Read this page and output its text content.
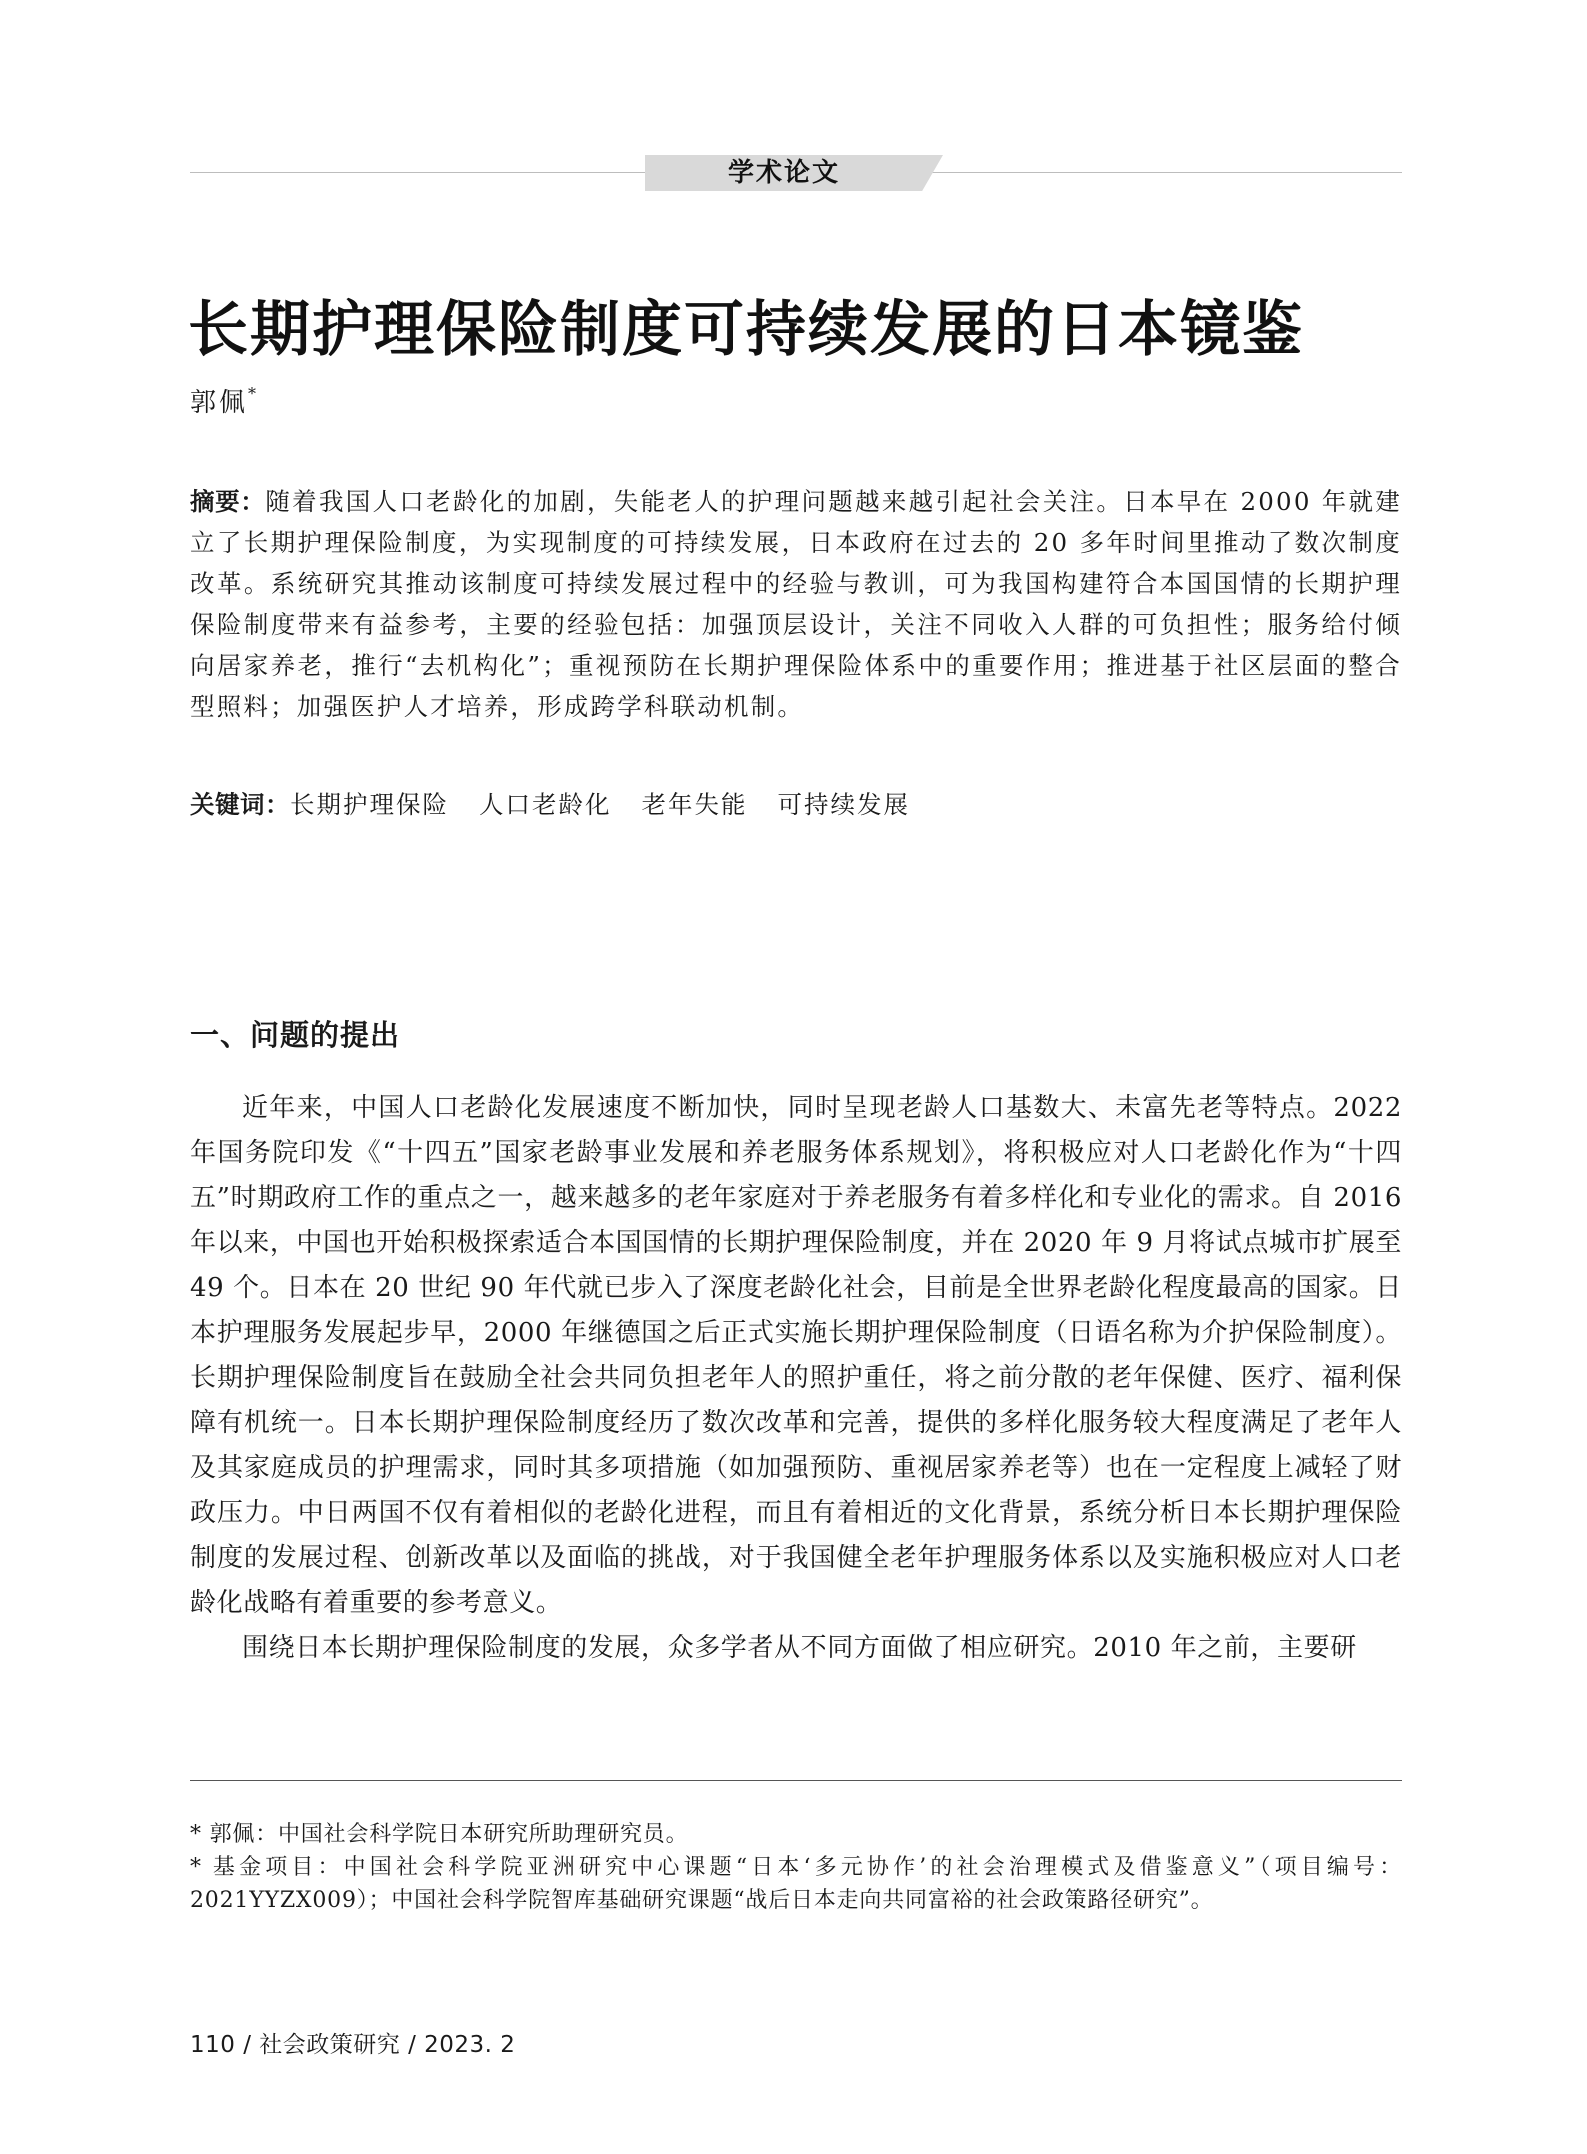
学术论文
长期护理保险制度可持续发展的日本镜鉴
郭佩*
摘要：随着我国人口老龄化的加剧，失能老人的护理问题越来越引起社会关注。日本早在 2000 年就建立了长期护理保险制度，为实现制度的可持续发展，日本政府在过去的 20 多年时间里推动了数次制度改革。系统研究其推动该制度可持续发展过程中的经验与教训，可为我国构建符合本国国情的长期护理保险制度带来有益参考，主要的经验包括：加强顶层设计，关注不同收入人群的可负担性；服务给付倾向居家养老，推行“去机构化”；重视预防在长期护理保险体系中的重要作用；推进基于社区层面的整合型照料；加强医护人才培养，形成跨学科联动机制。
关键词：长期护理保险 人口老龄化 老年失能 可持续发展
一、问题的提出

近年来，中国人口老龄化发展速度不断加快，同时呈现老龄人口基数大、未富先老等特点。2022 年国务院印发《“十四五”国家老龄事业发展和养老服务体系规划》，将积极应对人口老龄化作为“十四五”时期政府工作的重点之一，越来越多的老年家庭对于养老服务有着多样化和专业化的需求。自 2016 年以来，中国也开始积极探索适合本国国情的长期护理保险制度，并在 2020 年 9 月将试点城市扩展至 49 个。日本在 20 世纪 90 年代就已步入了深度老龄化社会，目前是全世界老龄化程度最高的国家。日本护理服务发展起步早，2000 年继德国之后正式实施长期护理保险制度（日语名称为介护保险制度）。长期护理保险制度旨在鼓励全社会共同负担老年人的照护重任，将之前分散的老年保健、医疗、福利保障有机统一。日本长期护理保险制度经历了数次改革和完善，提供的多样化服务较大程度满足了老年人及其家庭成员的护理需求，同时其多项措施（如加强预防、重视居家养老等）也在一定程度上减轻了财政压力。中日两国不仅有着相似的老龄化进程，而且有着相近的文化背景，系统分析日本长期护理保险制度的发展过程、创新改革以及面临的挑战，对于我国健全老年护理服务体系以及实施积极应对人口老龄化战略有着重要的参考意义。

围绕日本长期护理保险制度的发展，众多学者从不同方面做了相应研究。2010 年之前，主要研

* 郭佩：中国社会科学院日本研究所助理研究员。

* 基金项目：中国社会科学院亚洲研究中心课题“日本‘多元协作’的社会治理模式及借鉴意义”（项目编号：2021YYZX009）；中国社会科学院智库基础研究课题“战后日本走向共同富裕的社会政策路径研究”。

110 / 社会政策研究 / 2023. 2
